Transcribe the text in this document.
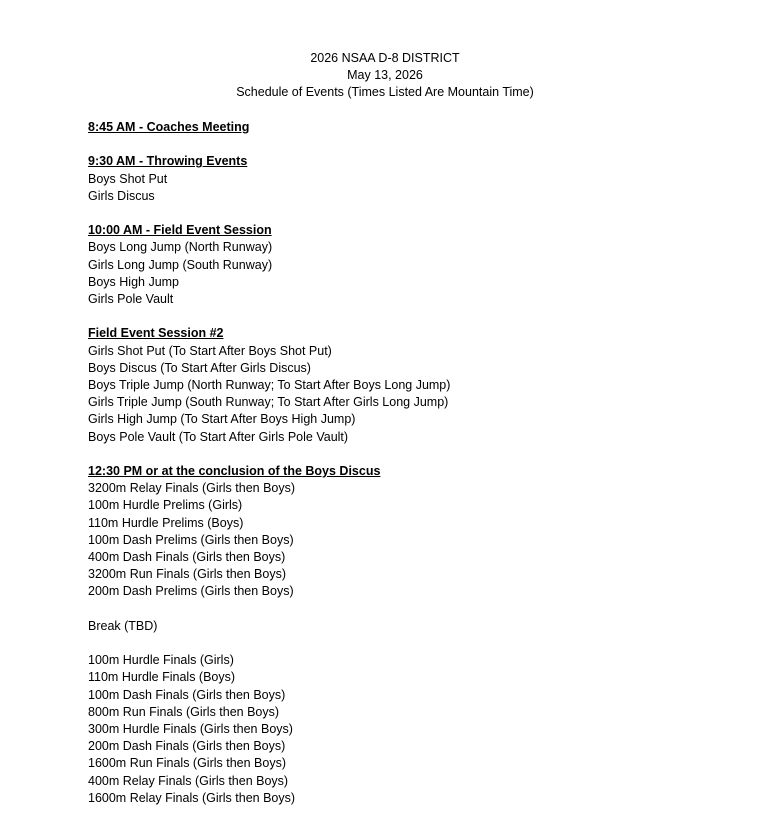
2026 NSAA D-8 DISTRICT
May 13, 2026
Schedule of Events (Times Listed Are Mountain Time)
8:45 AM - Coaches Meeting
9:30 AM - Throwing Events
Boys Shot Put
Girls Discus
10:00 AM - Field Event Session
Boys Long Jump (North Runway)
Girls Long Jump (South Runway)
Boys High Jump
Girls Pole Vault
Field Event Session #2
Girls Shot Put (To Start After Boys Shot Put)
Boys Discus (To Start After Girls Discus)
Boys Triple Jump (North Runway; To Start After Boys Long Jump)
Girls Triple Jump (South Runway; To Start After Girls Long Jump)
Girls High Jump (To Start After Boys High Jump)
Boys Pole Vault (To Start After Girls Pole Vault)
12:30 PM or at the conclusion of the Boys Discus
3200m Relay Finals (Girls then Boys)
100m Hurdle Prelims (Girls)
110m Hurdle Prelims (Boys)
100m Dash Prelims (Girls then Boys)
400m Dash Finals (Girls then Boys)
3200m Run Finals (Girls then Boys)
200m Dash Prelims (Girls then Boys)
Break (TBD)
100m Hurdle Finals (Girls)
110m Hurdle Finals (Boys)
100m Dash Finals (Girls then Boys)
800m Run Finals (Girls then Boys)
300m Hurdle Finals (Girls then Boys)
200m Dash Finals (Girls then Boys)
1600m Run Finals (Girls then Boys)
400m Relay Finals (Girls then Boys)
1600m Relay Finals (Girls then Boys)
